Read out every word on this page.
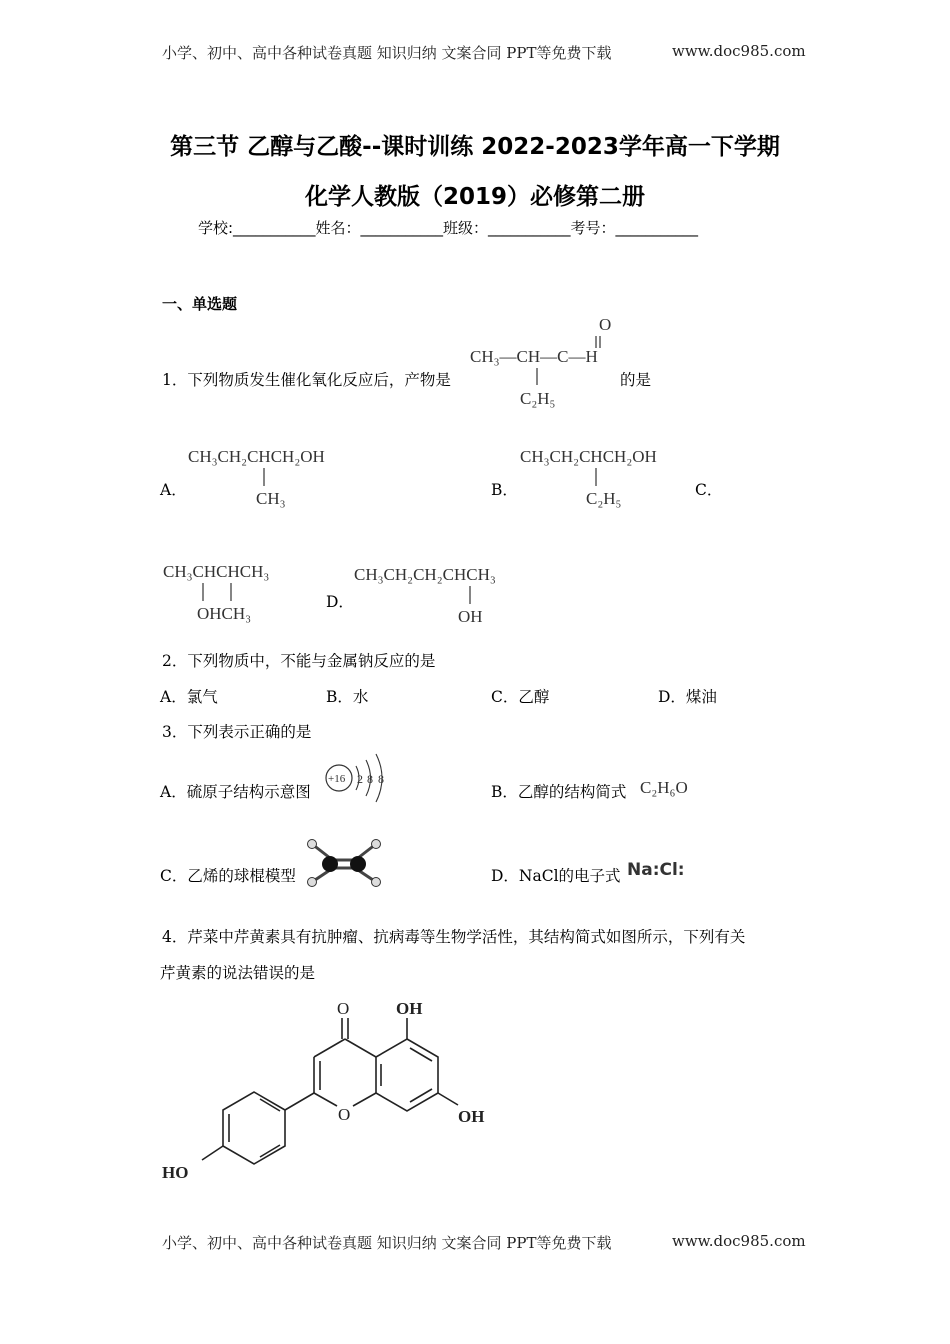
小学、初中、高中各种试卷真题 知识归纳 文案合同 PPT等免费下载	www.doc985.com
第三节 乙醇与乙酸--课时训练 2022-2023学年高一下学期
化学人教版（2019）必修第二册
学校:___________姓名：___________班级：___________考号：___________
一、单选题
1．下列物质发生催化氧化反应后，产物是
O
CH₃—CH—C—H
C₂H₅
的是
A．
CH₃CH₂CHCH₂OH
CH₃	B．
CH₃CH₂CHCH₂OH
C₂H₅	C．
CH₃CHCHCH₃
OHCH₃
D．
CH₃CH₂CH₂CHCH₃
OH
2．下列物质中，不能与金属钠反应的是
A．氯气	B．水	C．乙醇	D．煤油
3．下列表示正确的是
A．硫原子结构示意图
+16 2 8 8
B．乙醇的结构简式 C₂H₆O
C．乙烯的球棍模型	D．NaCl的电子式 Na:Cl:
4．芹菜中芹黄素具有抗肿瘤、抗病毒等生物学活性，其结构简式如图所示，下列有关
芹黄素的说法错误的是
O	OH
O	OH
HO
小学、初中、高中各种试卷真题 知识归纳 文案合同 PPT等免费下载	www.doc985.com
